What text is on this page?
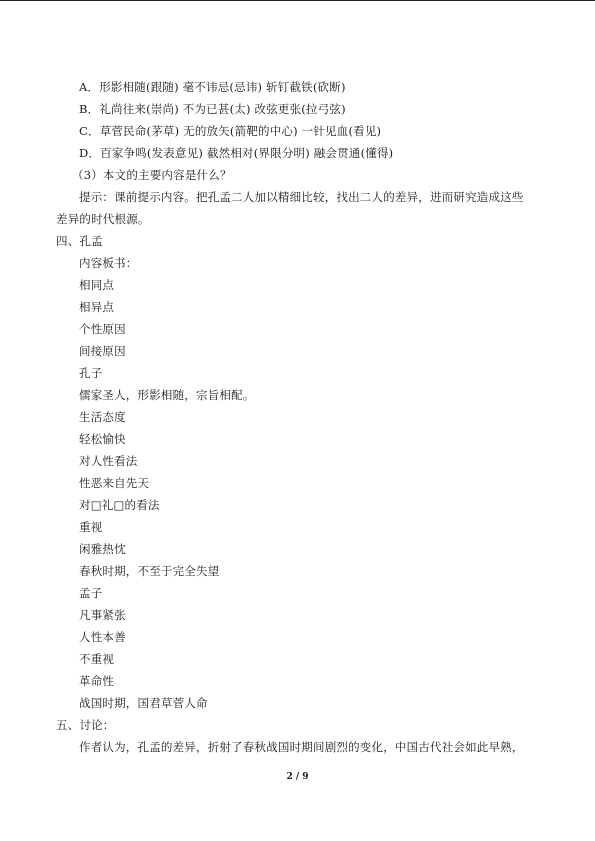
A．形影相随(跟随) 毫不讳忌(忌讳) 斩钉截铁(砍断)
B．礼尚往来(崇尚) 不为已甚(太) 改弦更张(拉弓弦)
C．草菅民命(茅草) 无的放矢(箭靶的中心) 一针见血(看见)
D．百家争鸣(发表意见) 截然相对(界限分明) 融会贯通(懂得)
（3）本文的主要内容是什么？
提示：课前提示内容。把孔孟二人加以精细比较，找出二人的差异，进而研究造成这些
差异的时代根源。
四、孔孟
内容板书：
相同点
相异点
个性原因
间接原因
孔子
儒家圣人，形影相随，宗旨相配。
生活态度
轻松愉快
对人性看法
性恶来自先天
对□礼□的看法
重视
闲雅热忱
春秋时期，不至于完全失望
孟子
凡事紧张
人性本善
不重视
革命性
战国时期，国君草菅人命
五、讨论：
作者认为，孔孟的差异，折射了春秋战国时期间剧烈的变化，中国古代社会如此早熟，
2 / 9
